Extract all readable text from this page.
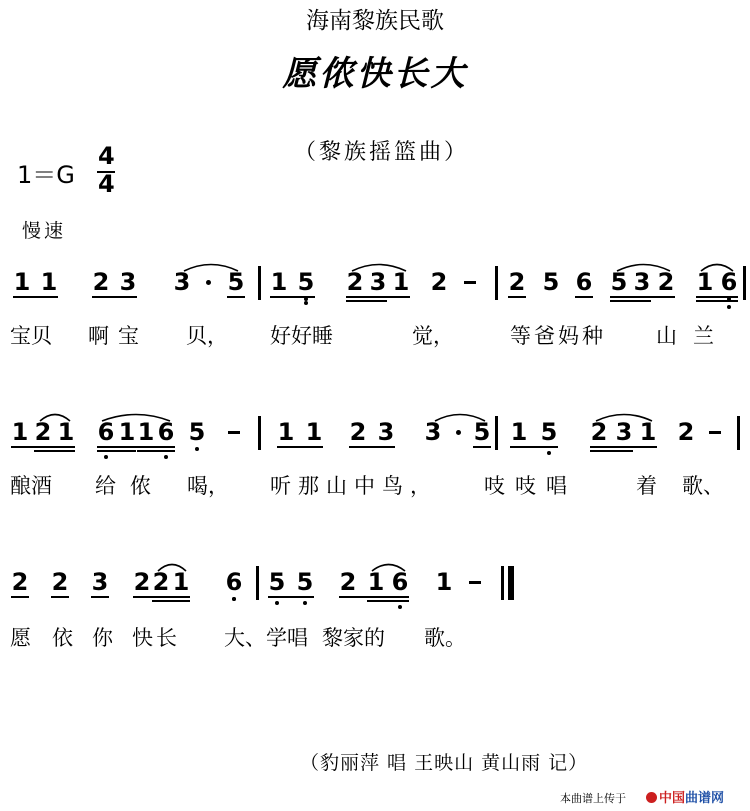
海南黎族民歌
愿侬快长大
（黎族摇篮曲）
1＝G
4
4
慢速
宝贝 啊宝 贝， 好好睡	觉，	等爸妈种 山兰
酿酒 给侬 喝， 听那山中鸟， 吱吱唱	着 歌、
愿 依 你 快长 大、学唱 黎家的 歌。
（豹丽萍 唱 王映山 黄山雨 记）
本曲谱上传于	中国曲谱网
1 1 2 3 3 5 1 5 2 3 1 2	2 5 6 5 3 2 1 6
1 2 1 6 1 1 6 5	1 1 2 3 3 5 1 5 2 3 1 2
2 2 3 2 2 1 6 5 5 2 1 6 1
